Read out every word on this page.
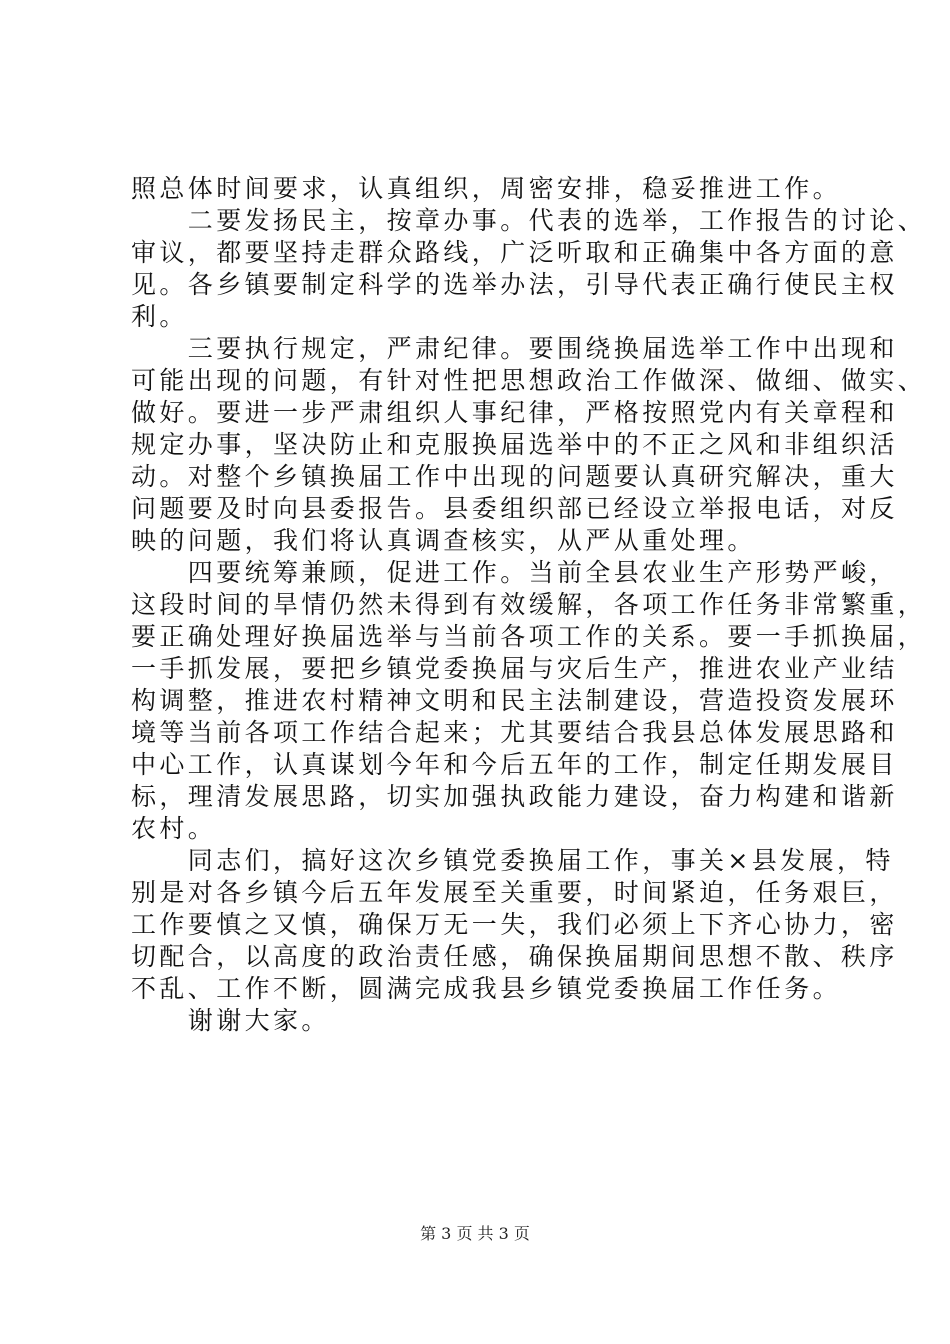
照总体时间要求，认真组织，周密安排，稳妥推进工作。
　　二要发扬民主，按章办事。代表的选举，工作报告的讨论、
审议，都要坚持走群众路线，广泛听取和正确集中各方面的意
见。各乡镇要制定科学的选举办法，引导代表正确行使民主权
利。
　　三要执行规定，严肃纪律。要围绕换届选举工作中出现和
可能出现的问题，有针对性把思想政治工作做深、做细、做实、
做好。要进一步严肃组织人事纪律，严格按照党内有关章程和
规定办事，坚决防止和克服换届选举中的不正之风和非组织活
动。对整个乡镇换届工作中出现的问题要认真研究解决，重大
问题要及时向县委报告。县委组织部已经设立举报电话，对反
映的问题，我们将认真调查核实，从严从重处理。
　　四要统筹兼顾，促进工作。当前全县农业生产形势严峻，
这段时间的旱情仍然未得到有效缓解，各项工作任务非常繁重，
要正确处理好换届选举与当前各项工作的关系。要一手抓换届，
一手抓发展，要把乡镇党委换届与灾后生产，推进农业产业结
构调整，推进农村精神文明和民主法制建设，营造投资发展环
境等当前各项工作结合起来；尤其要结合我县总体发展思路和
中心工作，认真谋划今年和今后五年的工作，制定任期发展目
标，理清发展思路，切实加强执政能力建设，奋力构建和谐新
农村。
　　同志们，搞好这次乡镇党委换届工作，事关×县发展，特
别是对各乡镇今后五年发展至关重要，时间紧迫，任务艰巨，
工作要慎之又慎，确保万无一失，我们必须上下齐心协力，密
切配合，以高度的政治责任感，确保换届期间思想不散、秩序
不乱、工作不断，圆满完成我县乡镇党委换届工作任务。
　　谢谢大家。
第 3 页 共 3 页
